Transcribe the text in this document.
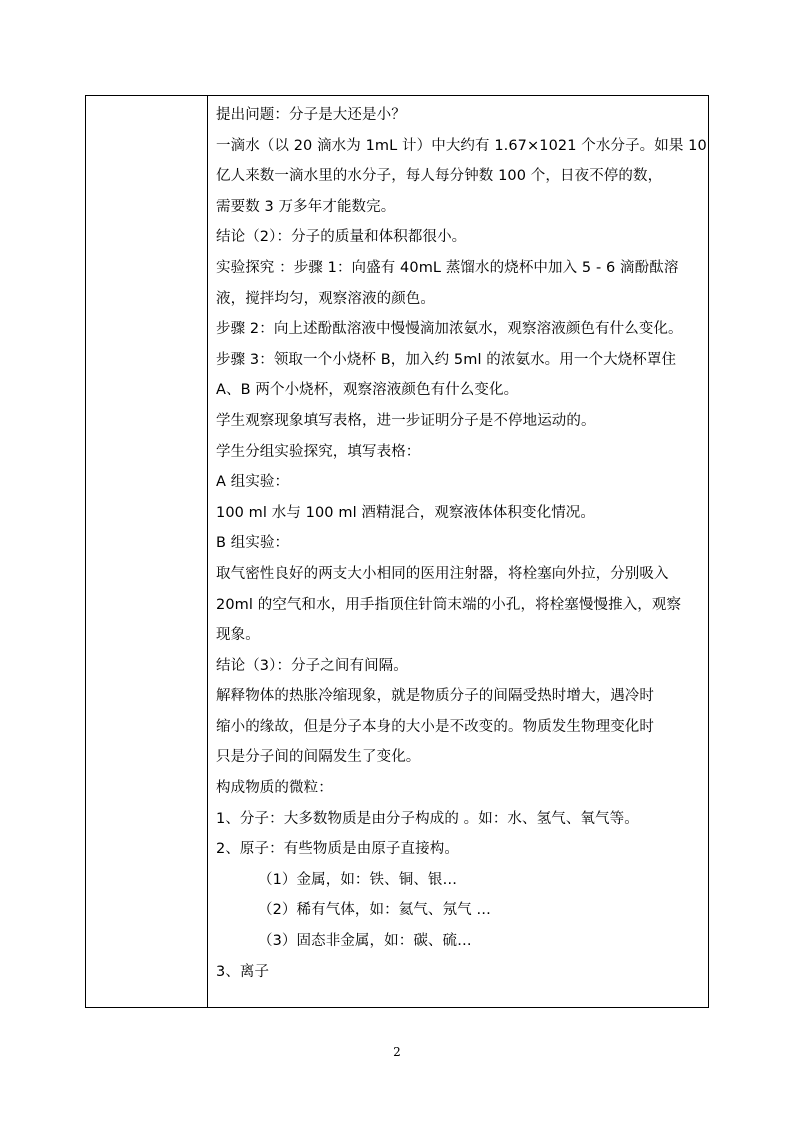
提出问题：分子是大还是小？
一滴水（以 20 滴水为 1mL 计）中大约有 1.67×1021 个水分子。如果 10
亿人来数一滴水里的水分子，每人每分钟数 100 个，日夜不停的数，
需要数 3 万多年才能数完。
结论（2）：分子的质量和体积都很小。
实验探究 ：步骤 1：向盛有 40mL 蒸馏水的烧杯中加入 5 - 6 滴酚酞溶
液，搅拌均匀，观察溶液的颜色。
步骤 2：向上述酚酞溶液中慢慢滴加浓氨水，观察溶液颜色有什么变化。
步骤 3：领取一个小烧杯 B，加入约 5ml 的浓氨水。用一个大烧杯罩住
A、B 两个小烧杯，观察溶液颜色有什么变化。
学生观察现象填写表格，进一步证明分子是不停地运动的。
学生分组实验探究，填写表格：
A 组实验：
100 ml 水与 100 ml 酒精混合，观察液体体积变化情况。
B 组实验：
取气密性良好的两支大小相同的医用注射器，将栓塞向外拉，分别吸入
20ml 的空气和水，用手指顶住针筒末端的小孔，将栓塞慢慢推入，观察
现象。
结论（3）：分子之间有间隔。
解释物体的热胀冷缩现象，就是物质分子的间隔受热时增大，遇冷时
缩小的缘故，但是分子本身的大小是不改变的。物质发生物理变化时
只是分子间的间隔发生了变化。
构成物质的微粒：
1、分子：大多数物质是由分子构成的 。如：水、氢气、氧气等。
2、原子：有些物质是由原子直接构。
（1）金属，如：铁、铜、银…
（2）稀有气体，如：氦气、氖气 …
（3）固态非金属，如：碳、硫…
3、离子
2
